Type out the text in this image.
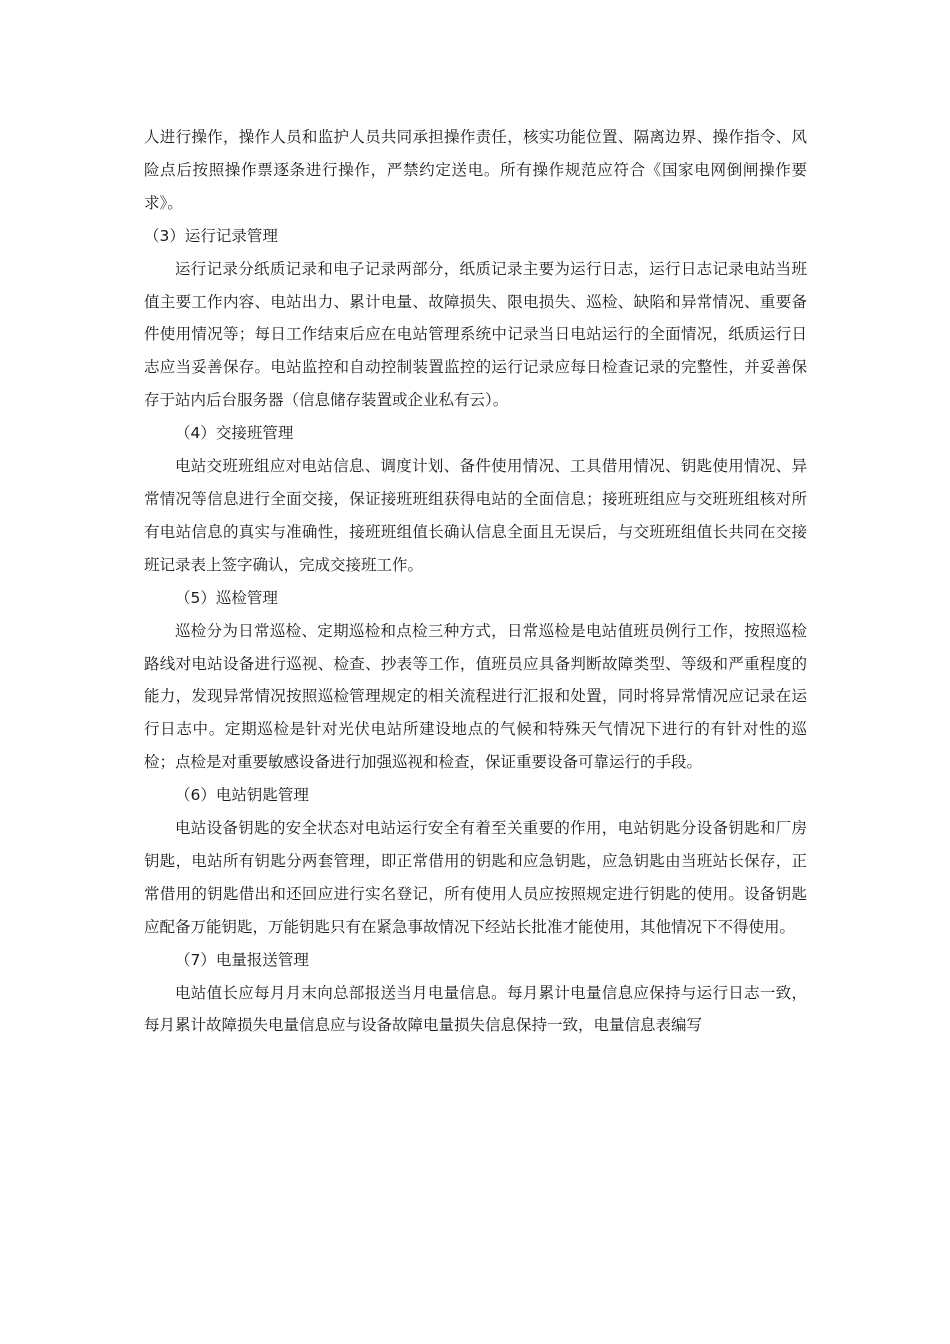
人进行操作，操作人员和监护人员共同承担操作责任，核实功能位置、隔离边界、操作指令、风险点后按照操作票逐条进行操作，严禁约定送电。所有操作规范应符合《国家电网倒闸操作要求》。

（3）运行记录管理

运行记录分纸质记录和电子记录两部分，纸质记录主要为运行日志，运行日志记录电站当班值主要工作内容、电站出力、累计电量、故障损失、限电损失、巡检、缺陷和异常情况、重要备件使用情况等；每日工作结束后应在电站管理系统中记录当日电站运行的全面情况，纸质运行日志应当妥善保存。电站监控和自动控制装置监控的运行记录应每日检查记录的完整性，并妥善保存于站内后台服务器（信息储存装置或企业私有云）。

（4）交接班管理

电站交班班组应对电站信息、调度计划、备件使用情况、工具借用情况、钥匙使用情况、异常情况等信息进行全面交接，保证接班班组获得电站的全面信息；接班班组应与交班班组核对所有电站信息的真实与准确性，接班班组值长确认信息全面且无误后，与交班班组值长共同在交接班记录表上签字确认，完成交接班工作。

（5）巡检管理

巡检分为日常巡检、定期巡检和点检三种方式，日常巡检是电站值班员例行工作，按照巡检路线对电站设备进行巡视、检查、抄表等工作，值班员应具备判断故障类型、等级和严重程度的能力，发现异常情况按照巡检管理规定的相关流程进行汇报和处置，同时将异常情况应记录在运行日志中。定期巡检是针对光伏电站所建设地点的气候和特殊天气情况下进行的有针对性的巡检；点检是对重要敏感设备进行加强巡视和检查，保证重要设备可靠运行的手段。

（6）电站钥匙管理

电站设备钥匙的安全状态对电站运行安全有着至关重要的作用，电站钥匙分设备钥匙和厂房钥匙，电站所有钥匙分两套管理，即正常借用的钥匙和应急钥匙，应急钥匙由当班站长保存，正常借用的钥匙借出和还回应进行实名登记，所有使用人员应按照规定进行钥匙的使用。设备钥匙应配备万能钥匙，万能钥匙只有在紧急事故情况下经站长批准才能使用，其他情况下不得使用。

（7）电量报送管理

电站值长应每月月末向总部报送当月电量信息。每月累计电量信息应保持与运行日志一致，每月累计故障损失电量信息应与设备故障电量损失信息保持一致，电量信息表编写
